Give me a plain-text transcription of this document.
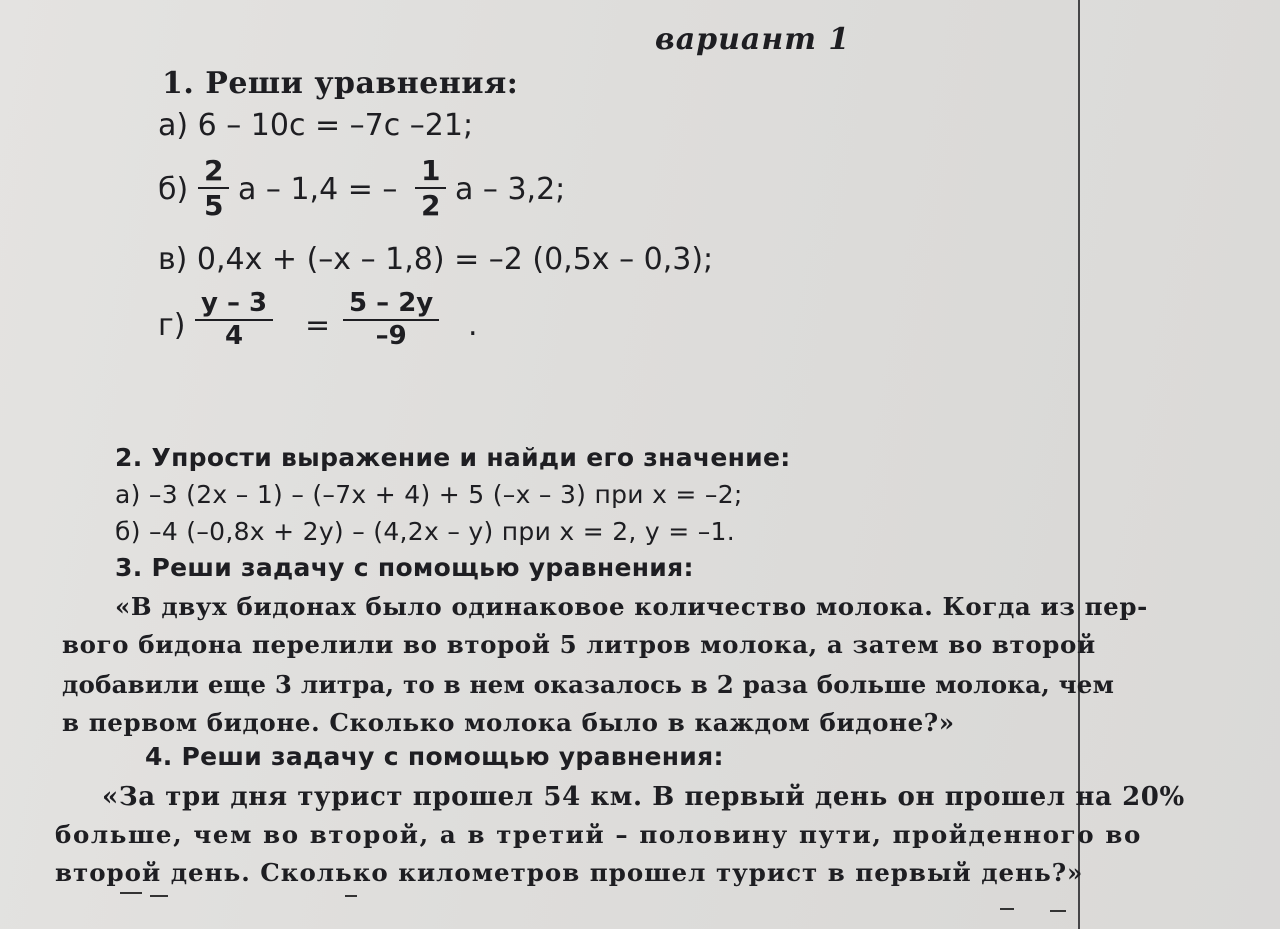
вариант 1
1. Реши уравнения:
а) 6 – 10с = –7с –21;
$б) \frac{2}{5}$ a – 1,4 = – $\frac{1}{2}$ a – 3,2;
в) 0,4x + (–x – 1,8) = –2 (0,5x – 0,3);
$г) \frac{y - 3}{4} = \frac{5 - 2y}{-9}$ .
2. Упрости выражение и найди его значение:
а) –3 (2x – 1) – (–7x + 4) + 5 (–x – 3) при x = –2;
б) –4 (–0,8x + 2y) – (4,2x – y) при x = 2, y = –1.
3. Реши задачу с помощью уравнения:
«В двух бидонах было одинаковое количество молока. Когда из пер-
вого бидона перелили во второй 5 литров молока, а затем во второй
добавили еще 3 литра, то в нем оказалось в 2 раза больше молока, чем
в первом бидоне. Сколько молока было в каждом бидоне?»
4. Реши задачу с помощью уравнения:
«За три дня турист прошел 54 км. В первый день он прошел на 20%
больше, чем во второй, а в третий – половину пути, пройденного во
второй день. Сколько километров прошел турист в первый день?»
